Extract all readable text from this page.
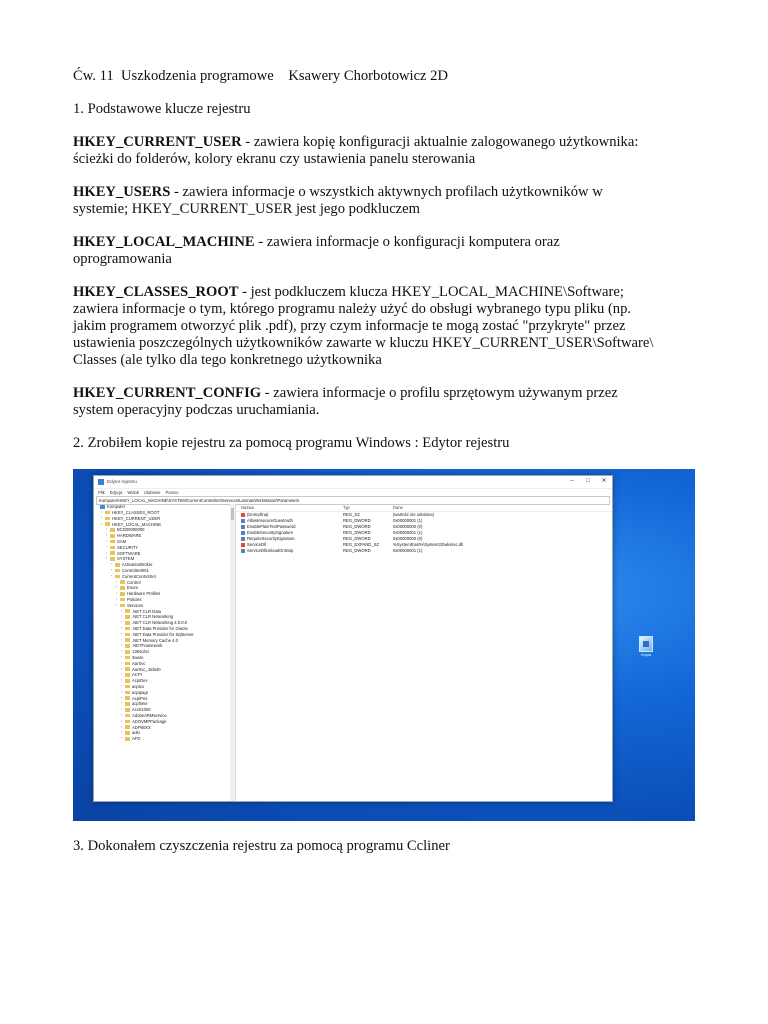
Ćw. 11  Uszkodzenia programowe    Ksawery Chorbotowicz 2D

1. Podstawowe klucze rejestru

HKEY_CURRENT_USER - zawiera kopię konfiguracji aktualnie zalogowanego użytkownika:

ścieżki do folderów, kolory ekranu czy ustawienia panelu sterowania

HKEY_USERS - zawiera informacje o wszystkich aktywnych profilach użytkowników w

systemie; HKEY_CURRENT_USER jest jego podkluczem

HKEY_LOCAL_MACHINE - zawiera informacje o konfiguracji komputera oraz

oprogramowania

HKEY_CLASSES_ROOT - jest podkluczem klucza HKEY_LOCAL_MACHINE\Software;

zawiera informacje o tym, którego programu należy użyć do obsługi wybranego typu pliku (np.

jakim programem otworzyć plik .pdf), przy czym informacje te mogą zostać "przykryte" przez

ustawienia poszczególnych użytkowników zawarte w kluczu HKEY_CURRENT_USER\Software\

Classes (ale tylko dla tego konkretnego użytkownika

HKEY_CURRENT_CONFIG - zawiera informacje o profilu sprzętowym używanym przez

system operacyjny podczas uruchamiania.

2. Zrobiłem kopie rejestru za pomocą programu Windows : Edytor rejestru

Edytor rejestru	–	□	✕
Plik Edycja Widok Ulubione Pomoc
Komputer\HKEY_LOCAL_MACHINE\SYSTEM\CurrentControlSet\Services\LanmanWorkstation\Parameters
Komputer
›	HKEY_CLASSES_ROOT
›	HKEY_CURRENT_USER
›	HKEY_LOCAL_MACHINE
›	BCD00000000
›	HARDWARE
›	SAM
›	SECURITY
›	SOFTWARE
›	SYSTEM
›	ActivationBroker
›	ControlSet001
›	CurrentControlSet
›	Control
›	Enum
›	Hardware Profiles
›	Policies
›	Services
›	.NET CLR Data
›	.NET CLR Networking
›	.NET CLR Networking 4.0.0.0
›	.NET Data Provider for Oracle
›	.NET Data Provider for SqlServer
›	.NET Memory Cache 4.0
›	.NETFramework
›	1394ohci
›	3ware
›	AarSvc
›	AarSvc_4afa40
›	ACPI
›	AcpiDev
›	acpiex
›	acpipagr
›	AcpiPmi
›	acpitime
›	Acx01000
›	AdobeARMservice
›	ADOVMPPackage
›	ADP80XX
›	adsi
›	AFD
Nazwa	Typ	Dane
(Domyślna)	REG_SZ	(wartość nie ustalona)
AllowInsecureGuestAuth	REG_DWORD	0x00000001 (1)
EnablePlainTextPassword	REG_DWORD	0x00000000 (0)
EnableSecuritySignature	REG_DWORD	0x00000001 (1)
RequireSecuritySignature	REG_DWORD	0x00000000 (0)
ServiceDll	REG_EXPAND_SZ	%SystemRoot%\System32\wkssvc.dll
ServiceDllUnloadOnStop	REG_DWORD	0x00000001 (1)
Kopia

3. Dokonałem czyszczenia rejestru za pomocą programu Ccliner
